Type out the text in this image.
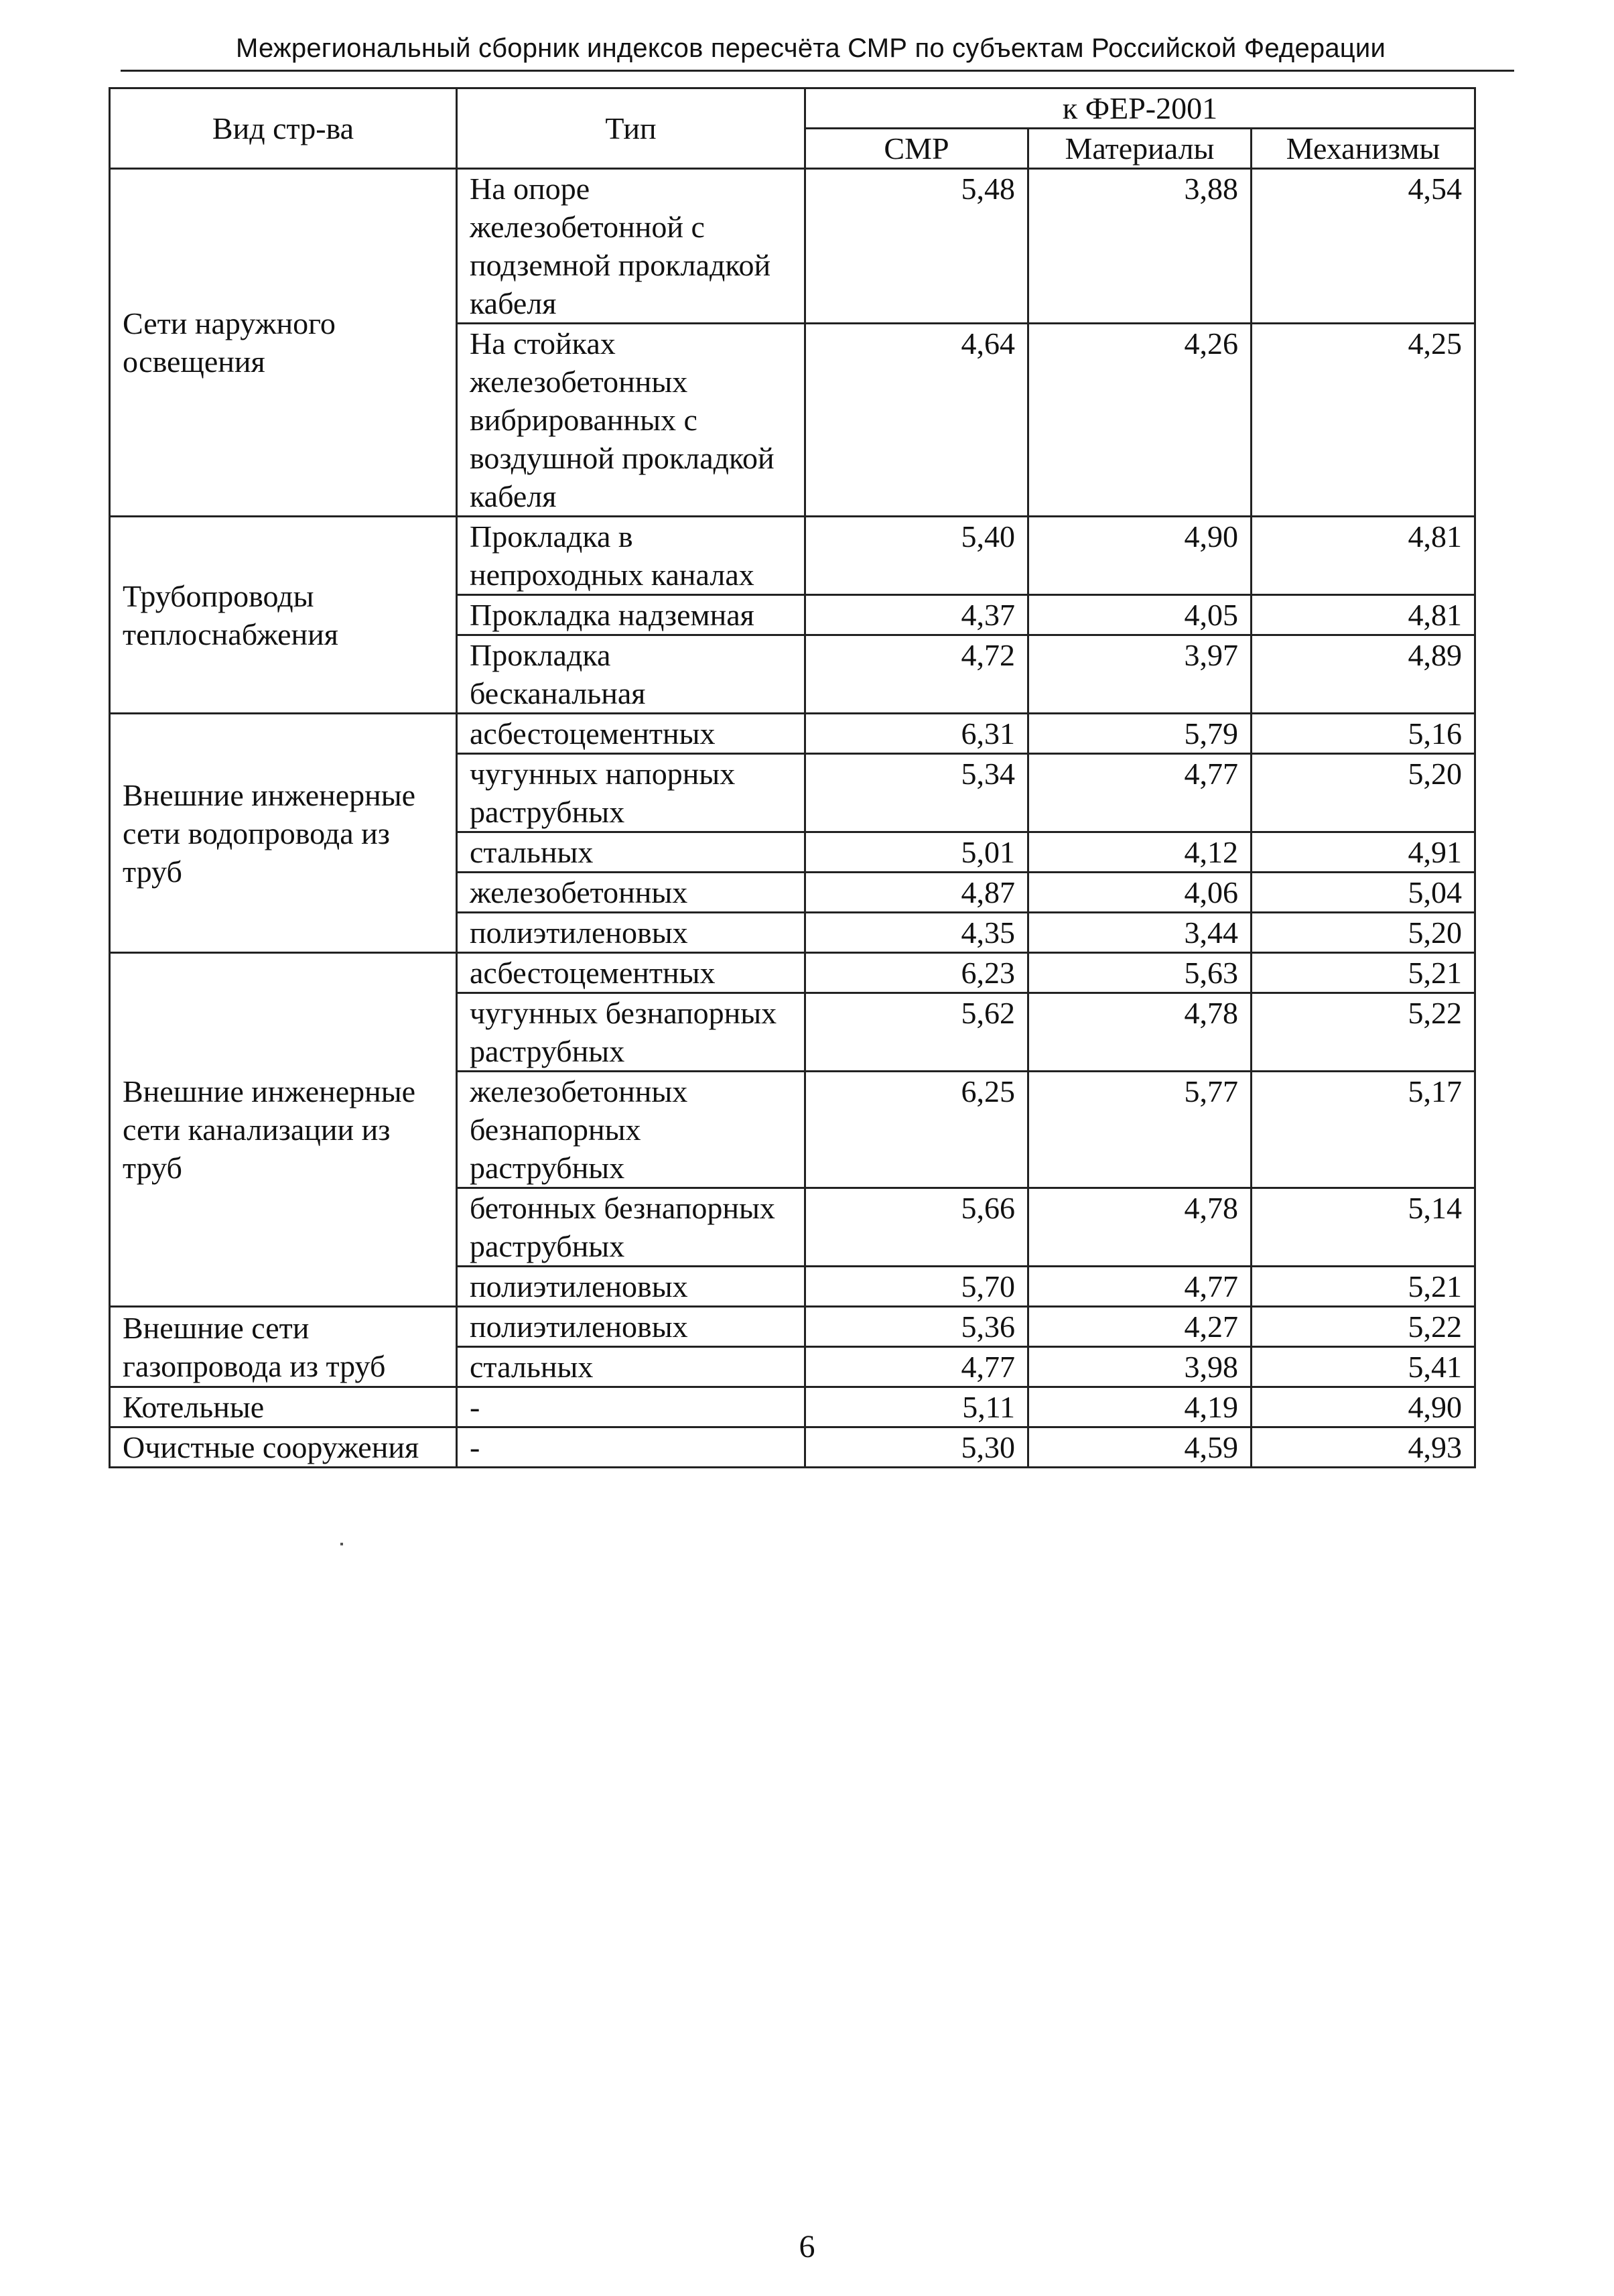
Межрегиональный сборник индексов пересчёта СМР по субъектам Российской Федерации
Вид стр-ва	Тип	к ФЕР-2001		
		СМР	Материалы	Механизмы
Сети наружного освещения	На опоре железобетонной с подземной прокладкой кабеля	5,48	3,88	4,54
	На стойках железобетонных вибрированных с воздушной прокладкой кабеля	4,64	4,26	4,25
Трубопроводы теплоснабжения	Прокладка в непроходных каналах	5,40	4,90	4,81
	Прокладка надземная	4,37	4,05	4,81
	Прокладка бесканальная	4,72	3,97	4,89
Внешние инженерные сети водопровода из труб	асбестоцементных	6,31	5,79	5,16
	чугунных напорных раструбных	5,34	4,77	5,20
	стальных	5,01	4,12	4,91
	железобетонных	4,87	4,06	5,04
	полиэтиленовых	4,35	3,44	5,20
Внешние инженерные сети канализации из труб	асбестоцементных	6,23	5,63	5,21
	чугунных безнапорных раструбных	5,62	4,78	5,22
	железобетонных безнапорных раструбных	6,25	5,77	5,17
	бетонных безнапорных раструбных	5,66	4,78	5,14
	полиэтиленовых	5,70	4,77	5,21
Внешние сети газопровода из труб	полиэтиленовых	5,36	4,27	5,22
	стальных	4,77	3,98	5,41
Котельные	-	5,11	4,19	4,90
Очистные сооружения	-	5,30	4,59	4,93
6
